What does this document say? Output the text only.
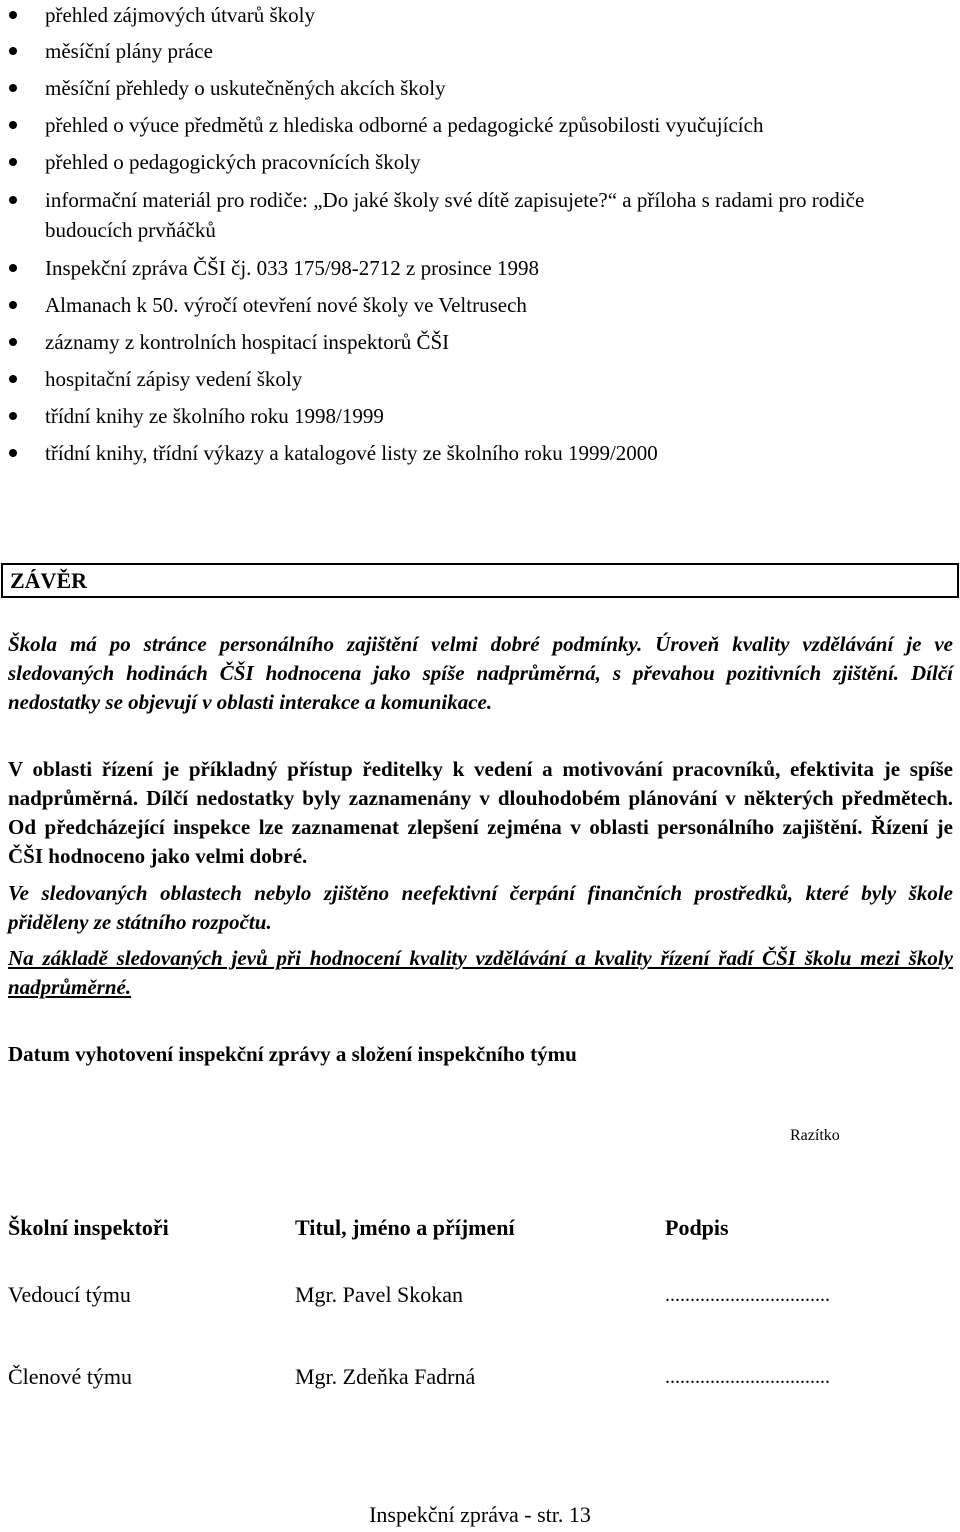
přehled zájmových útvarů školy
měsíční plány práce
měsíční přehledy o uskutečněných akcích školy
přehled o výuce předmětů z hlediska odborné a pedagogické způsobilosti vyučujících
přehled o pedagogických pracovnících školy
informační materiál pro rodiče: „Do jaké školy své dítě zapisujete?“ a příloha s radami pro rodiče budoucích prvňáčků
Inspekční zpráva ČŠI čj. 033 175/98-2712 z prosince 1998
Almanach k 50. výročí otevření nové školy ve Veltrusech
záznamy z kontrolních hospitací inspektorů ČŠI
hospitační zápisy vedení školy
třídní knihy ze školního roku 1998/1999
třídní knihy, třídní výkazy a katalogové listy ze školního roku 1999/2000
ZÁVĚR

Škola má po stránce personálního zajištění velmi dobré podmínky. Úroveň kvality vzdělávání je ve sledovaných hodinách ČŠI hodnocena jako spíše nadprůměrná, s převahou pozitivních zjištění. Dílčí nedostatky se objevují v oblasti interakce a komunikace.

V oblasti řízení je příkladný přístup ředitelky k vedení a motivování pracovníků, efektivita je spíše nadprůměrná. Dílčí nedostatky byly zaznamenány v dlouhodobém plánování v některých předmětech. Od předcházející inspekce lze zaznamenat zlepšení zejména v oblasti personálního zajištění. Řízení je ČŠI hodnoceno jako velmi dobré.

Ve sledovaných oblastech nebylo zjištěno neefektivní čerpání finančních prostředků, které byly škole přiděleny ze státního rozpočtu.

Na základě sledovaných jevů při hodnocení kvality vzdělávání a kvality řízení řadí ČŠI školu mezi školy nadprůměrné.

Datum vyhotovení inspekční zprávy a složení inspekčního týmu
Razítko
Školní inspektoři	Titul, jméno a příjmení	Podpis
Vedoucí týmu	Mgr. Pavel Skokan	.................................
Členové týmu	Mgr. Zdeňka Fadrná	.................................
Inspekční zpráva - str. 13
